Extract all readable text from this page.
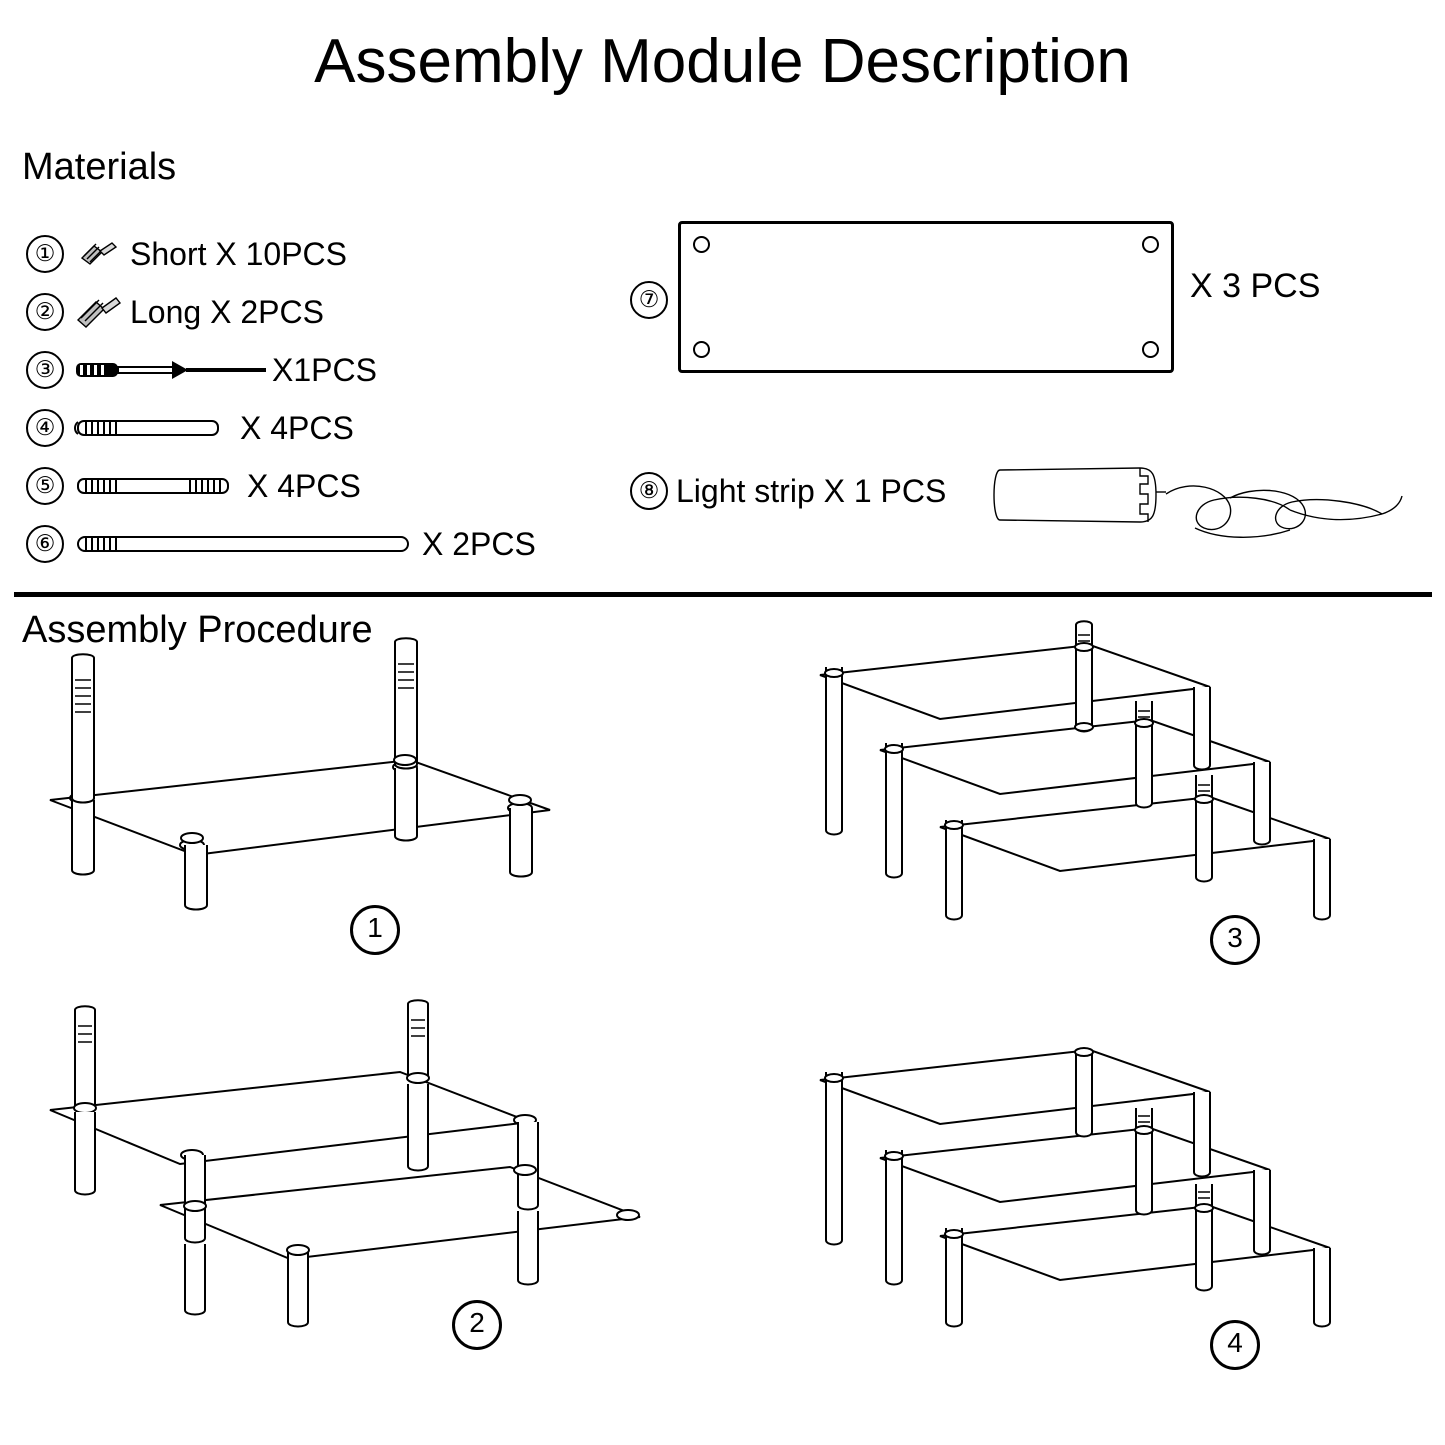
Assembly Module Description
Materials
① Short X 10PCS
② Long X 2PCS
③	X1PCS
④	X 4PCS
⑤	X 4PCS
⑥	X 2PCS
⑦	X 3 PCS
⑧ Light strip X 1 PCS
Assembly Procedure
1	3
2
4
